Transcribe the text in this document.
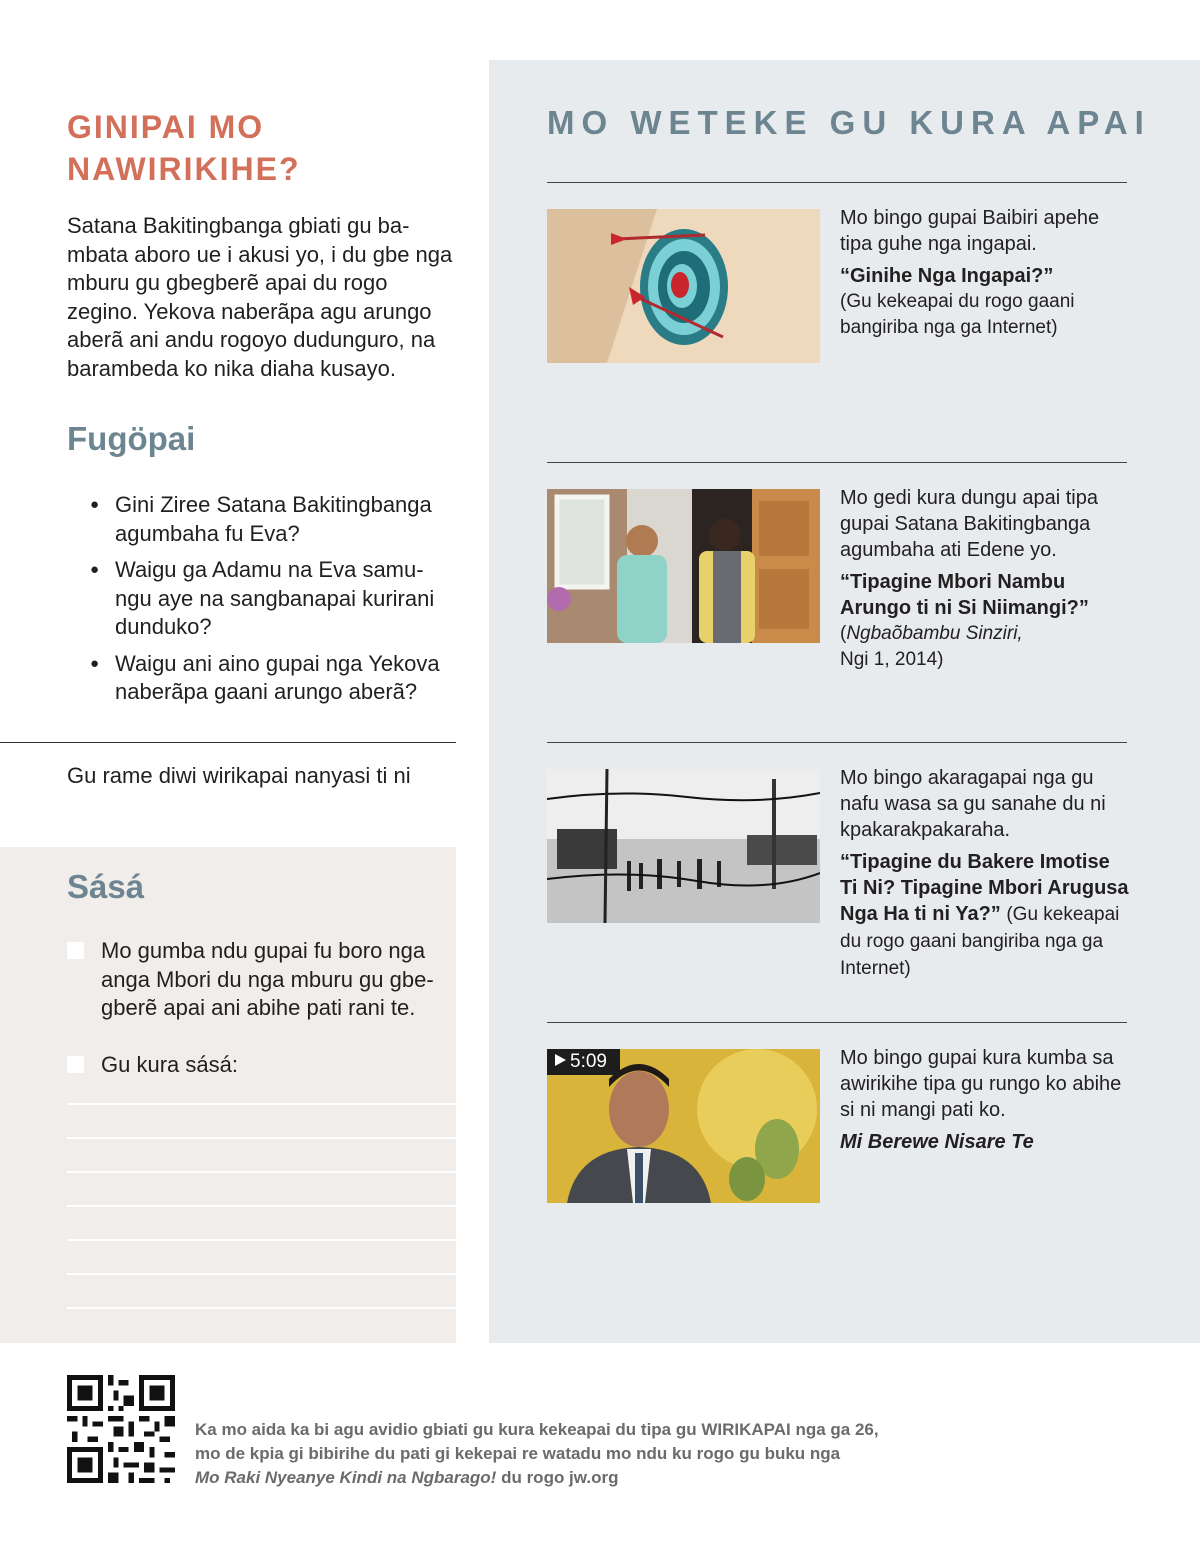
GINIPAI MO NAWIRIKIHE?

Satana Bakitingbanga gbiati gu ba-mbata aboro ue i akusi yo, i du gbe nga mburu gu gbegberẽ apai du rogo zegino. Yekova naberãpa agu arungo aberã ani andu rogoyo dudunguro, na barambeda ko nika diaha kusayo.

Fugöpai
● Gini Ziree Satana Bakitingbanga agumbaha fu Eva?
● Waigu ga Adamu na Eva samu-ngu aye na sangbanapai kurirani dunduko?
● Waigu ani aino gupai nga Yekova naberãpa gaani arungo aberã?

Gu rame diwi wirikapai nanyasi ti ni

Sásá
Mo gumba ndu gupai fu boro nga anga Mbori du nga mburu gu gbe-gberẽ apai ani abihe pati rani te.
Gu kura sásá:
MO WETEKE GU KURA APAI

Mo bingo gupai Baibiri apehe tipa guhe nga ingapai.

“Ginihe Nga Ingapai?”
(Gu kekeapai du rogo gaani bangiriba nga ga Internet)

Mo gedi kura dungu apai tipa gupai Satana Bakitingbanga agumbaha ati Edene yo.

“Tipagine Mbori Nambu Arungo ti ni Si Niimangi?”
(Ngbaõbambu Sinziri,
Ngi 1, 2014)

Mo bingo akaragapai nga gu nafu wasa sa gu sanahe du ni kpakarakpakaraha.

“Tipagine du Bakere Imotise Ti Ni? Tipagine Mbori Arugusa Nga Ha ti ni Ya?” (Gu kekeapai du rogo gaani bangiriba nga ga Internet)
5:09	Mo bingo gupai kura kumba sa awirikihe tipa gu rungo ko abihe si ni mangi pati ko.

Mi Berewe Nisare Te

Ka mo aida ka bi agu avidio gbiati gu kura kekeapai du tipa gu WIRIKAPAI nga ga 26,
mo de kpia gi bibirihe du pati gi kekepai re watadu mo ndu ku rogo gu buku nga
Mo Raki Nyeanye Kindi na Ngbarago! du rogo jw.org
